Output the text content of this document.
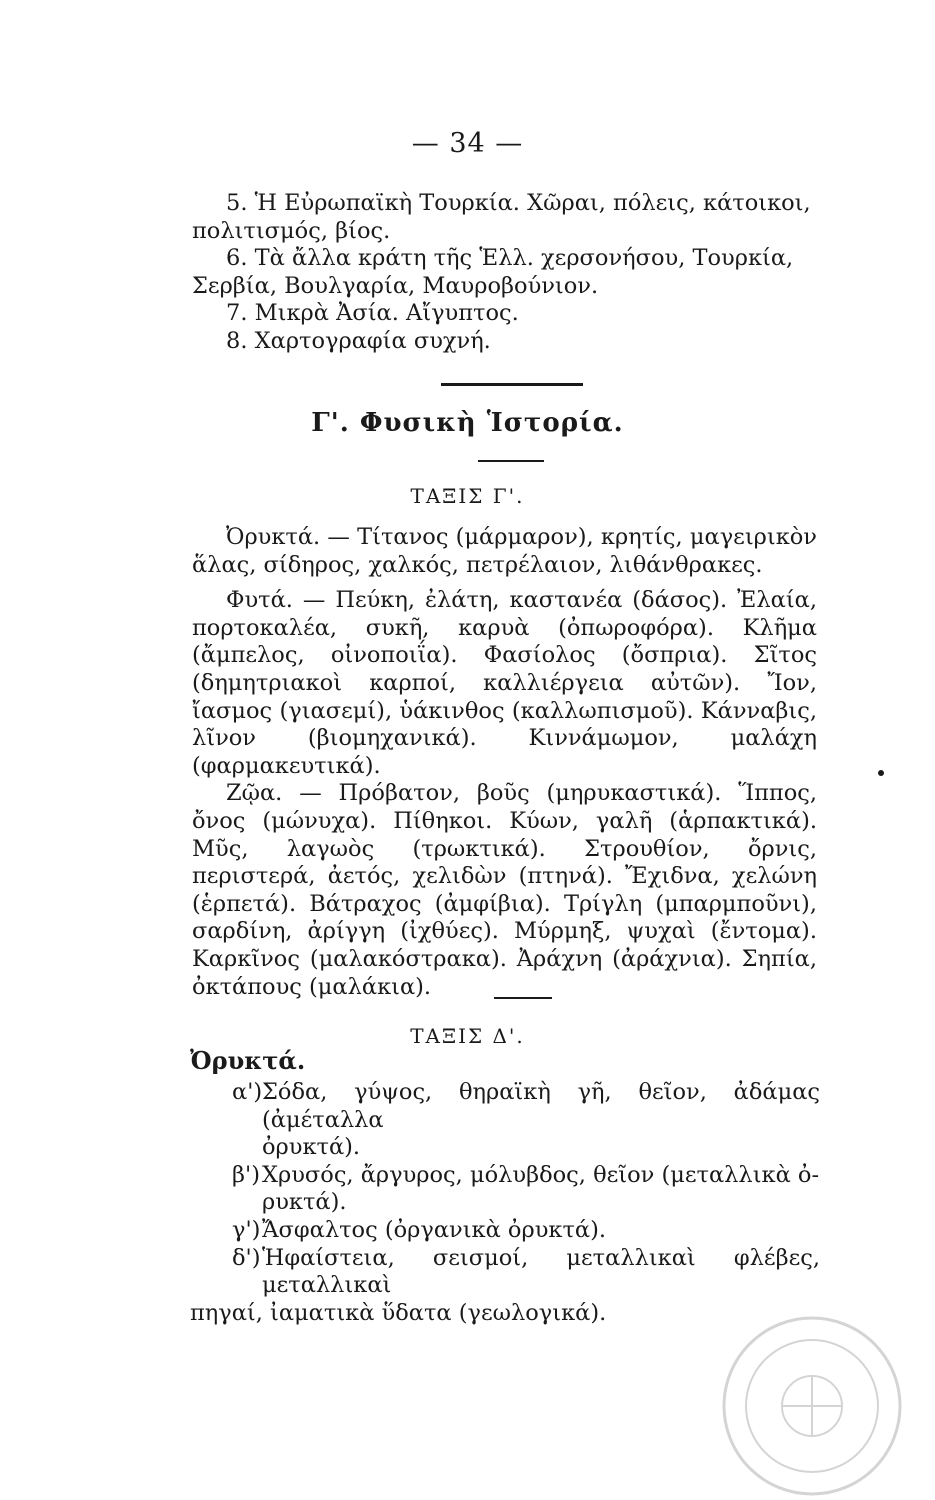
— 34 —

5. Ἡ Εὐρωπαϊκὴ Τουρκία. Χῶραι, πόλεις, κάτοικοι,

πολιτισμός, βίος.

6. Τὰ ἄλλα κράτη τῆς Ἑλλ. χερσονήσου, Τουρκία,

Σερβία, Βουλγαρία, Μαυροβούνιον.

7. Μικρὰ Ἀσία. Αἴγυπτος.

8. Χαρτογραφία συχνή.

Γ'. Φυσικὴ Ἱστορία.
ΤΑΞΙΣ Γ'.

Ὀρυκτά. — Τίτανος (μάρμαρον), κρητίς, μαγειρικὸν ἅλας, σίδηρος, χαλκός, πετρέλαιον, λιθάνθρακες.

Φυτά. — Πεύκη, ἐλάτη, καστανέα (δάσος). Ἐλαία, πορτοκαλέα, συκῆ, καρυὰ (ὀπωροφόρα). Κλῆμα (ἄμπελος, οἰνοποιΐα). Φασίολος (ὄσπρια). Σῖτος (δημητριακοὶ καρποί, καλλιέργεια αὐτῶν). Ἴον, ἴασμος (γιασεμί), ὑάκινθος (καλλωπισμοῦ). Κάνναβις, λῖνον (βιομηχανικά). Κιννάμωμον, μαλάχη (φαρμακευτικά).

Ζῷα. — Πρόβατον, βοῦς (μηρυκαστικά). Ἵππος, ὄνος (μώνυχα). Πίθηκοι. Κύων, γαλῆ (ἁρπακτικά). Μῦς, λαγωὸς (τρωκτικά). Στρουθίον, ὄρνις, περιστερά, ἀετός, χελιδὼν (πτηνά). Ἔχιδνα, χελώνη (ἑρπετά). Βάτραχος (ἀμφίβια). Τρίγλη (μπαρμποῦνι), σαρδίνη, ἀρίγγη (ἰχθύες). Μύρμηξ, ψυχαὶ (ἔντομα). Καρκῖνος (μαλακόστρακα). Ἀράχνη (ἀράχνια). Σηπία, ὀκτάπους (μαλάκια).

ΤΑΞΙΣ Δ'.
Ὀρυκτά.
α') Σόδα, γύψος, θηραϊκὴ γῆ, θεῖον, ἀδάμας (ἀμέταλλα

ὀρυκτά).

β') Χρυσός, ἄργυρος, μόλυβδος, θεῖον (μεταλλικὰ ὀ-

ρυκτά).

γ') Ἄσφαλτος (ὀργανικὰ ὀρυκτά).
δ') Ἡφαίστεια, σεισμοί, μεταλλικαὶ φλέβες, μεταλλικαὶ

πηγαί, ἰαματικὰ ὕδατα (γεωλογικά).
